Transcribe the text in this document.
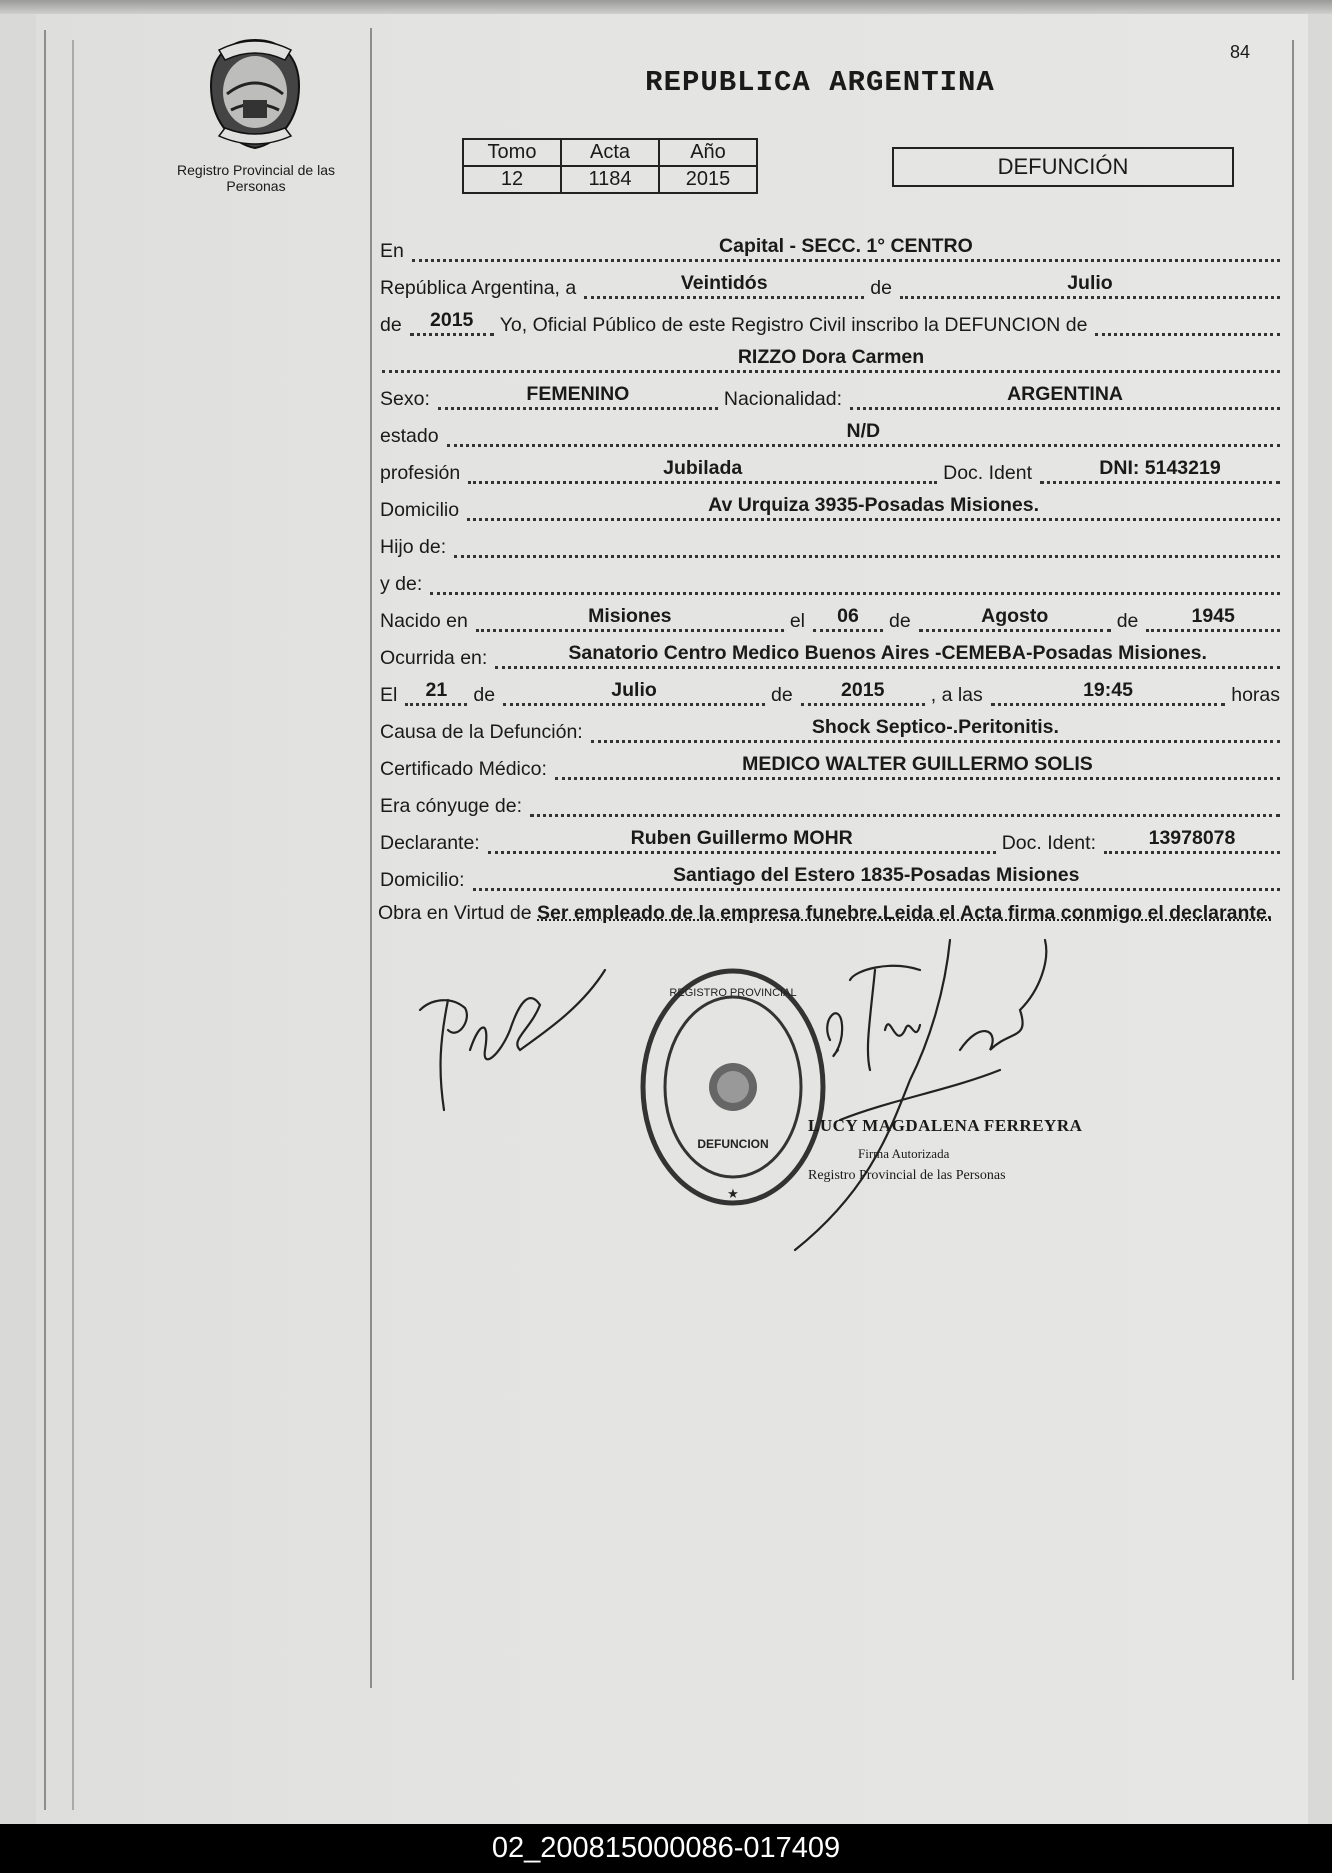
Registro Provincial de las Personas
84
REPUBLICA ARGENTINA
Tomo	Acta	Año
12	1184	2015	DEFUNCIÓN
En	Capital - SECC. 1° CENTRO
República Argentina, a	Veintidós	de	Julio
de	2015	Yo, Oficial Público de este Registro Civil inscribo la DEFUNCION de
RIZZO Dora Carmen
Sexo:	FEMENINO	Nacionalidad:	ARGENTINA
estado	N/D
profesión	Jubilada	Doc. Ident	DNI: 5143219
Domicilio	Av Urquiza 3935-Posadas Misiones.
Hijo de:
y de:
Nacido en	Misiones	el	06	de	Agosto	de	1945
Ocurrida en:	Sanatorio Centro Medico Buenos Aires -CEMEBA-Posadas Misiones.
El	21	de	Julio	de	2015	, a las	19:45	horas
Causa de la Defunción:	Shock Septico-.Peritonitis.
Certificado Médico:	MEDICO WALTER GUILLERMO SOLIS
Era cónyuge de:
Declarante:	Ruben Guillermo MOHR	Doc. Ident:	13978078
Domicilio:	Santiago del Estero 1835-Posadas Misiones
Obra en Virtud de Ser empleado de la empresa funebre.Leida el Acta firma conmigo el declarante.
REGISTRO PROVINCIAL
★
DEFUNCION
LUCY MAGDALENA FERREYRA
Firma Autorizada
Registro Provincial de las Personas
02_200815000086-017409
